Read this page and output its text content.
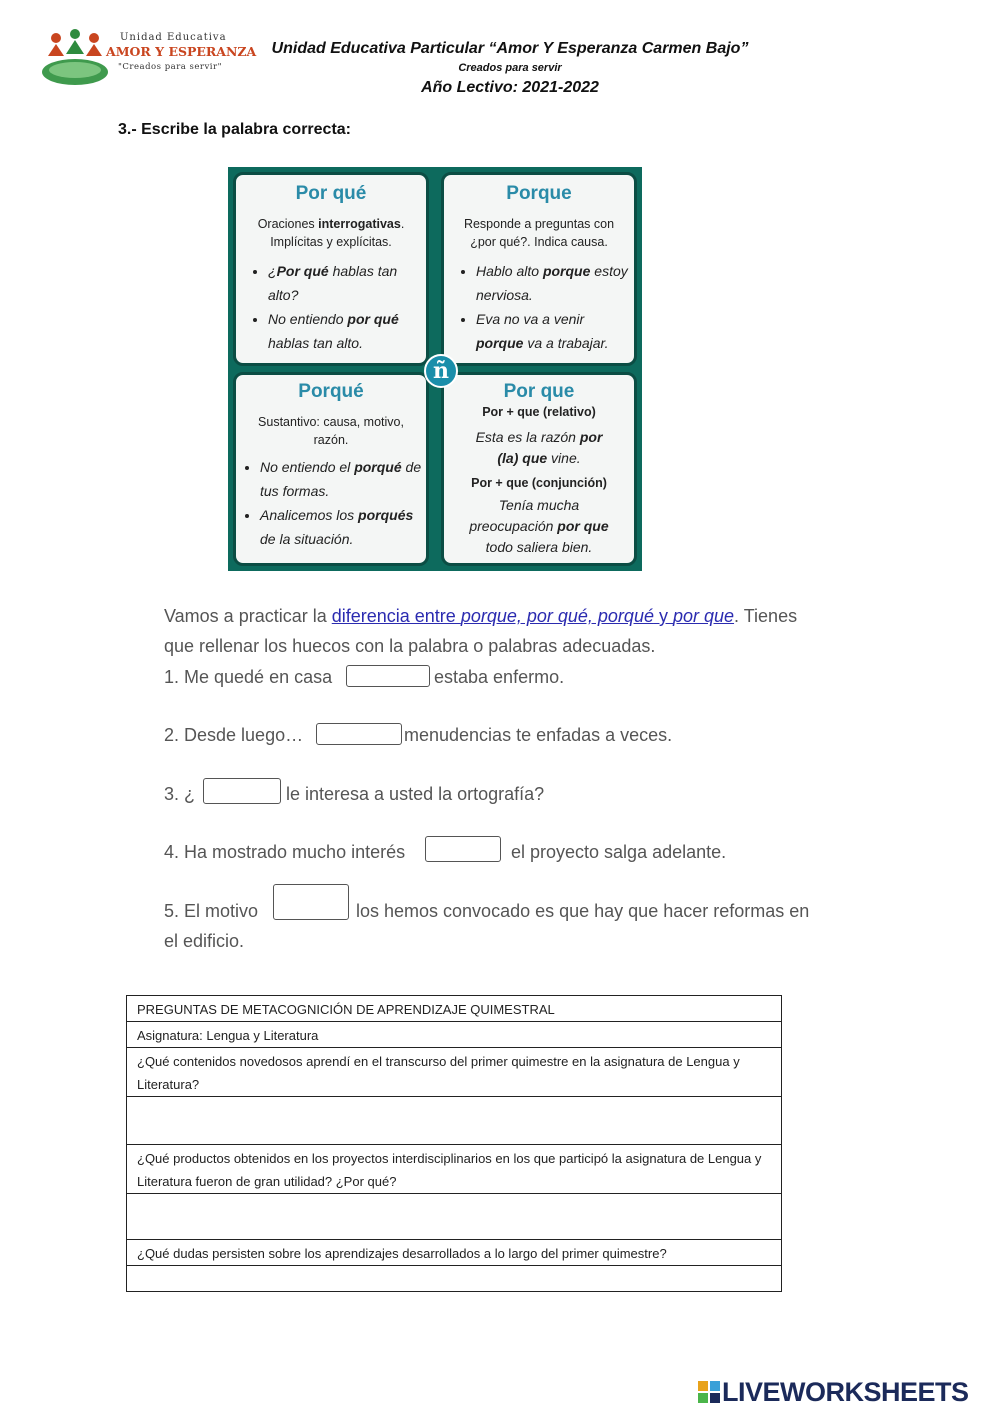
Unidad Educativa
AMOR Y ESPERANZA
"Creados para servir"
Unidad Educativa Particular “Amor Y Esperanza Carmen Bajo”
Creados para servir
Año Lectivo: 2021-2022
3.- Escribe la palabra correcta:
Por qué
Oraciones interrogativas. Implícitas y explícitas.
• ¿Por qué hablas tan alto?
• No entiendo por qué hablas tan alto.
Porque
Responde a preguntas con ¿por qué?. Indica causa.
• Hablo alto porque estoy nerviosa.
• Eva no va a venir porque va a trabajar.
Porqué
Sustantivo: causa, motivo, razón.
• No entiendo el porqué de tus formas.
• Analicemos los porqués de la situación.
Por que
Por + que (relativo)
Esta es la razón por
(la) que vine.
Por + que (conjunción)
Tenía mucha preocupación por que
todo saliera bien.
ñ
Vamos a practicar la diferencia entre porque, por qué, porqué y por que. Tienes
que rellenar los huecos con la palabra o palabras adecuadas.
1. Me quedé en casa	estaba enfermo.
2. Desde luego…	menudencias te enfadas a veces.
3. ¿	le interesa a usted la ortografía?
4. Ha mostrado mucho interés	el proyecto salga adelante.
5. El motivo	los hemos convocado es que hay que hacer reformas en
el edificio.
PREGUNTAS DE METACOGNICIÓN DE APRENDIZAJE QUIMESTRAL
Asignatura: Lengua y Literatura
¿Qué contenidos novedosos aprendí en el transcurso del primer quimestre en la asignatura de Lengua y Literatura?
¿Qué productos obtenidos en los proyectos interdisciplinarios en los que participó la asignatura de Lengua y Literatura fueron de gran utilidad? ¿Por qué?
¿Qué dudas persisten sobre los aprendizajes desarrollados a lo largo del primer quimestre?
LIVEWORKSHEETS
